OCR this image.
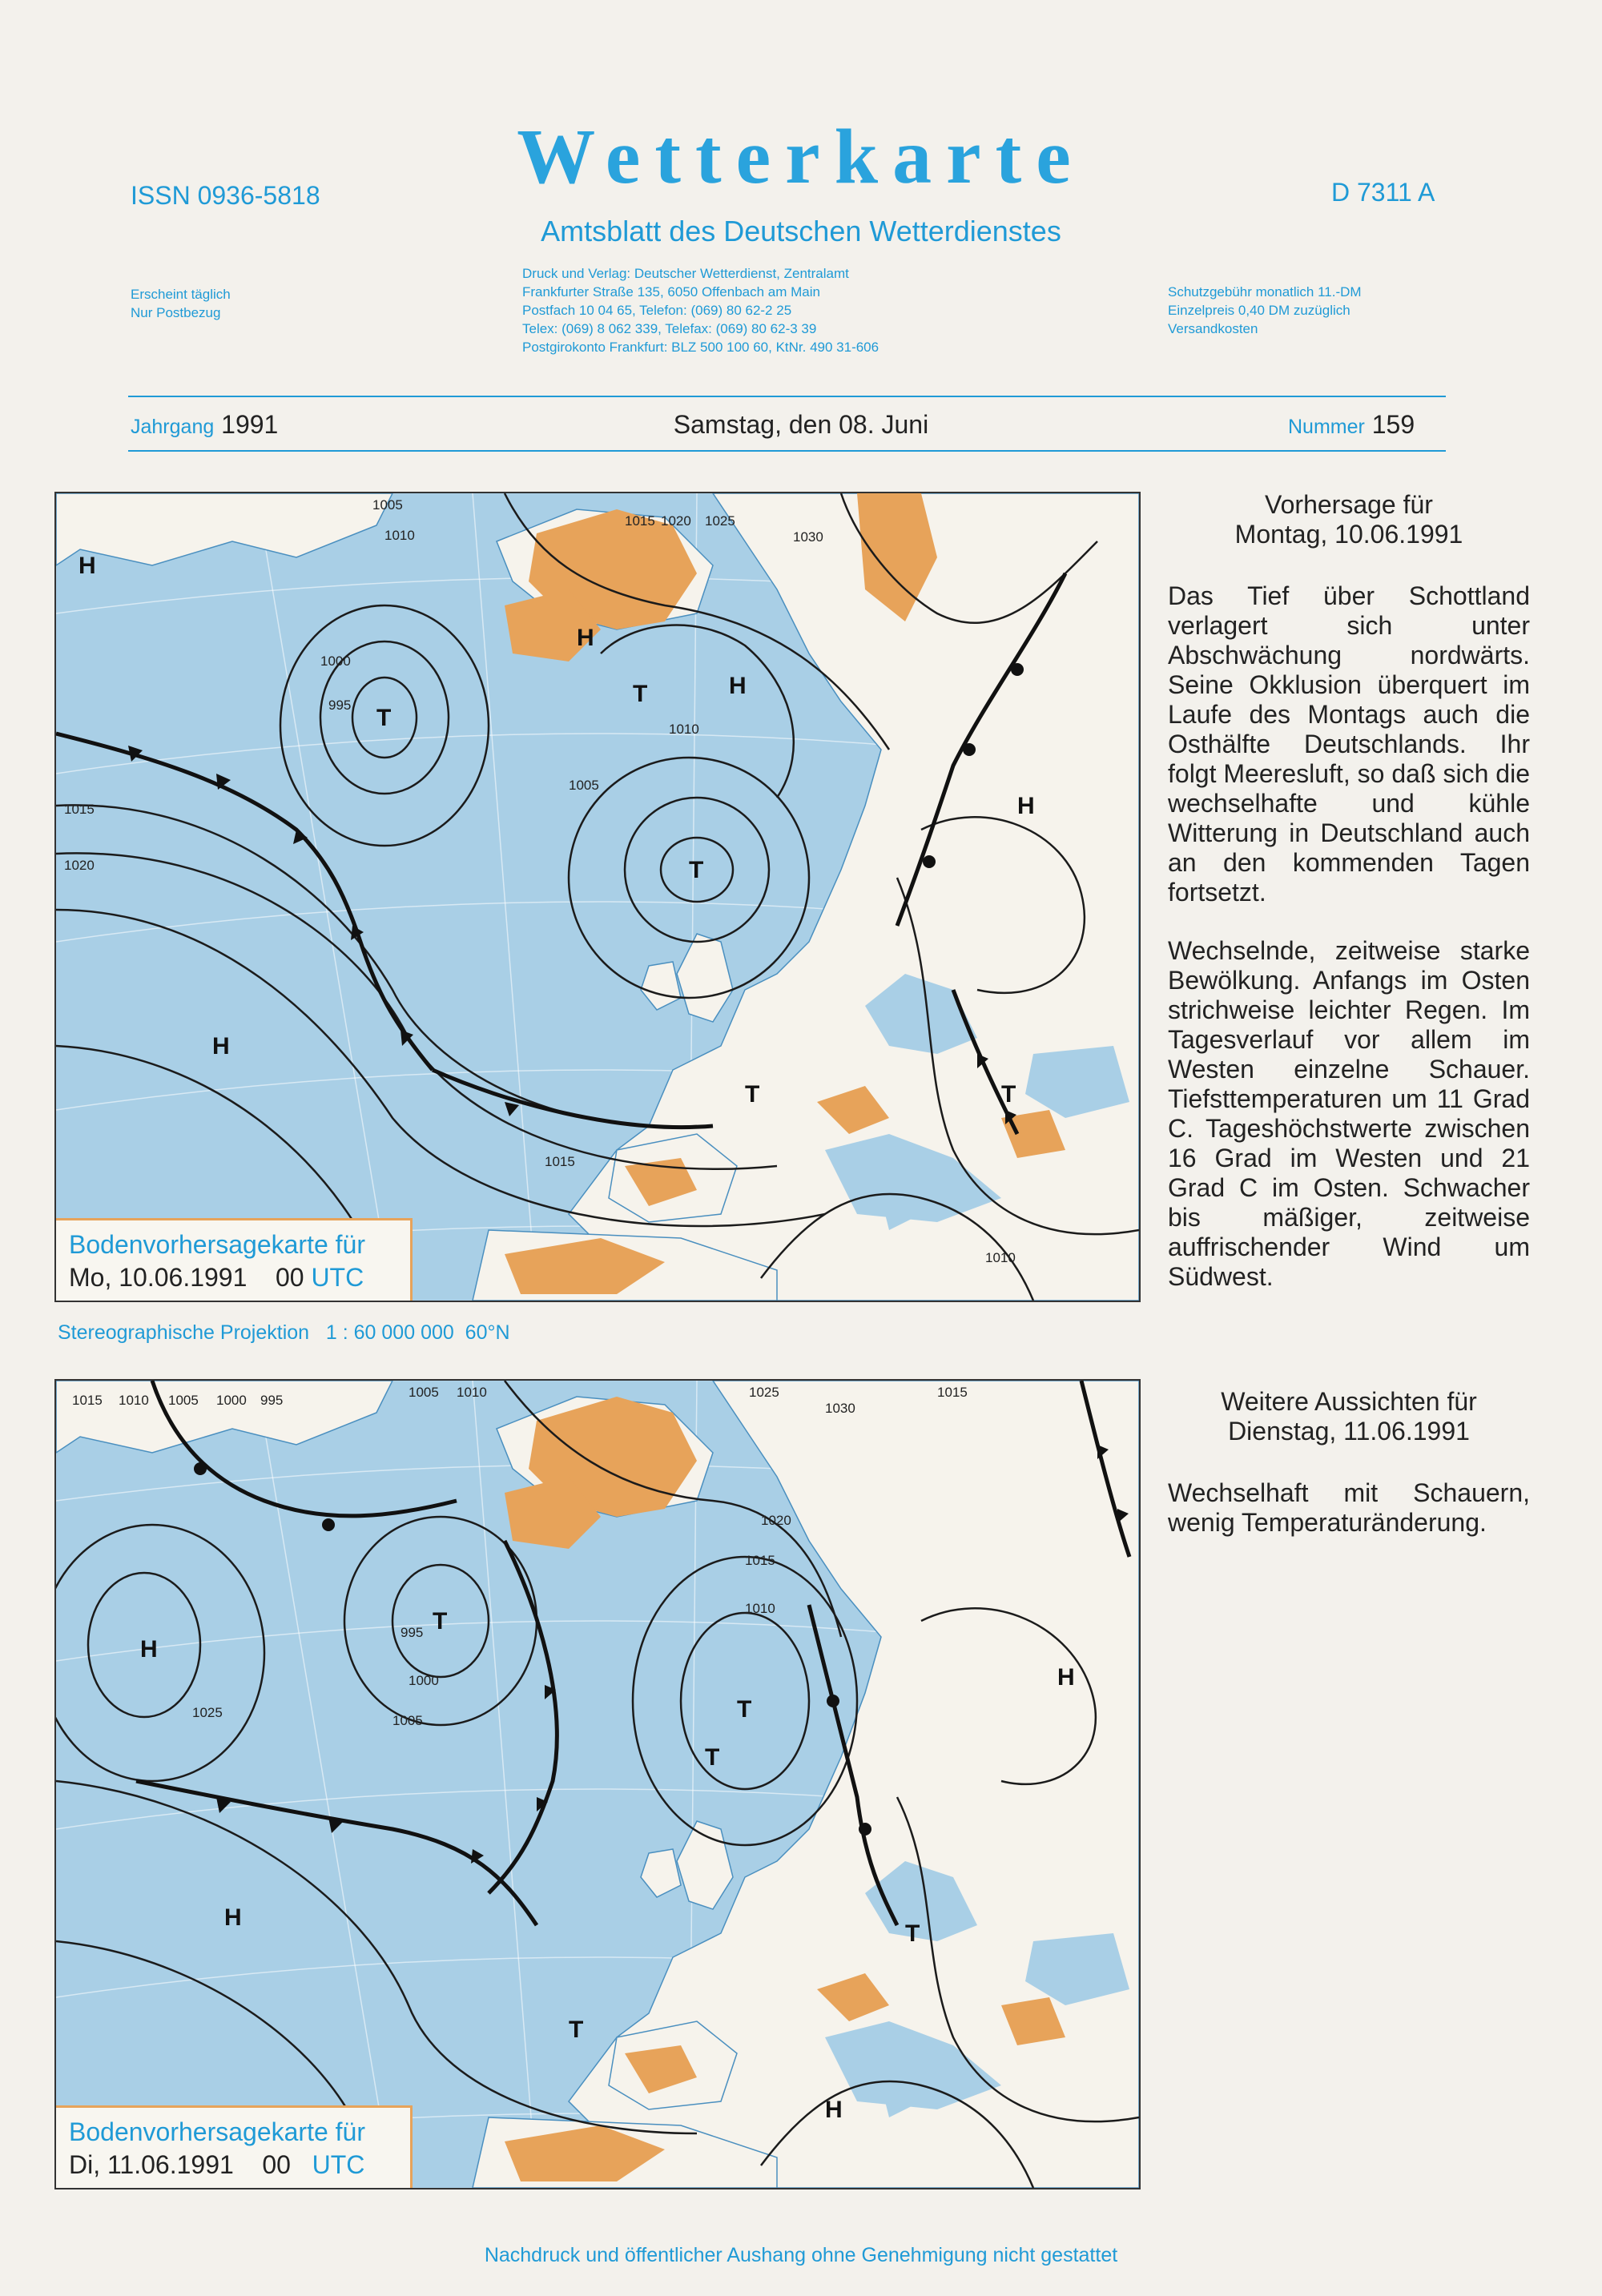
ISSN 0936-5818	D 7311 A
Wetterkarte
Amtsblatt des Deutschen Wetterdienstes
Erscheint täglich
Nur Postbezug
Druck und Verlag: Deutscher Wetterdienst, Zentralamt
Frankfurter Straße 135, 6050 Offenbach am Main
Postfach 10 04 65, Telefon: (069) 80 62-2 25
Telex: (069) 8 062 339, Telefax: (069) 80 62-3 39
Postgirokonto Frankfurt: BLZ 500 100 60, KtNr. 490 31-606
Schutzgebühr monatlich 11.-DM
Einzelpreis 0,40 DM zuzüglich
Versandkosten
Jahrgang 1991	Samstag, den 08. Juni	Nummer 159
H
H
H
H
H
T
T
T
T
T
1005
1010
1015 1020 1025
1030
1000
995
1020
1015
1010
1005
1015
1010
Bodenvorhersagekarte für
Mo, 10.06.1991 00 UTC
Stereographische Projektion   1 : 60 000 000  60°N
H
H
H
H
T
T
T
T
T
1015 1010 1005 1000 995
1005 1010	1025
1030
1015
1020
1015
1010
1025
1005
1000
995
Bodenvorhersagekarte für
Di, 11.06.1991 00 UTC
Vorhersage für
Montag, 10.06.1991

Das Tief über Schottland verlagert sich unter Abschwächung nordwärts. Seine Okklusion überquert im Laufe des Montags auch die Osthälfte Deutschlands. Ihr folgt Meeresluft, so daß sich die wechselhafte und kühle Witterung in Deutschland auch an den kommenden Tagen fortsetzt.

Wechselnde, zeitweise starke Bewölkung. Anfangs im Osten strichweise leichter Regen. Im Tagesverlauf vor allem im Westen einzelne Schauer. Tiefsttemperaturen um 11 Grad C. Tageshöchstwerte zwischen 16 Grad im Westen und 21 Grad C im Osten. Schwacher bis mäßiger, zeitweise auffrischender Wind um Südwest.

Weitere Aussichten für
Dienstag, 11.06.1991

Wechselhaft mit Schauern, wenig Temperaturänderung.

Nachdruck und öffentlicher Aushang ohne Genehmigung nicht gestattet
